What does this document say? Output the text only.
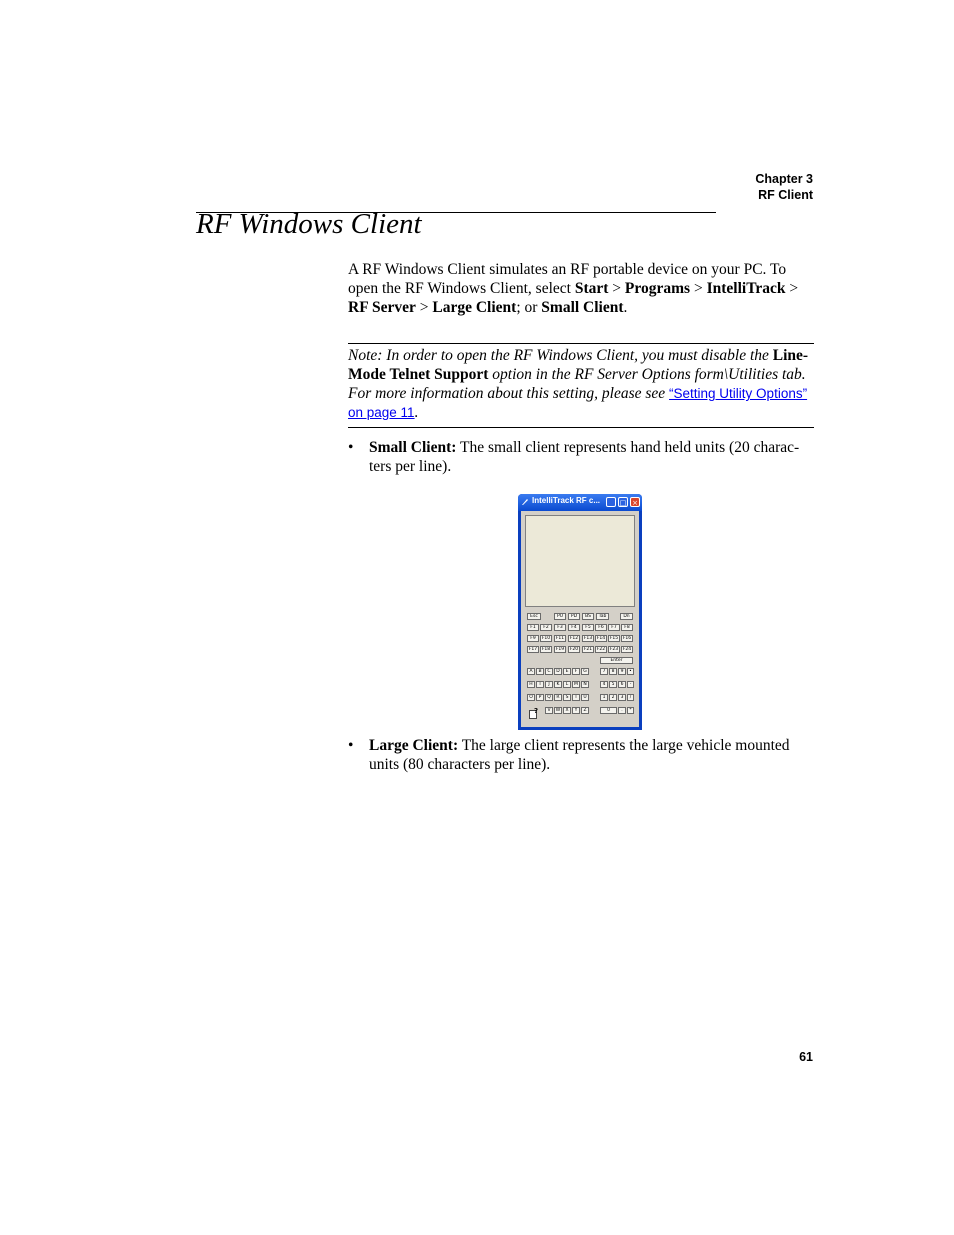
Chapter 3
RF Client
RF Windows Client
A RF Windows Client simulates an RF portable device on your PC. To open the RF Windows Client, select Start > Programs > IntelliTrack > RF Server > Large Client; or Small Client.
Note: In order to open the RF Windows Client, you must disable the Line-Mode Telnet Support option in the RF Server Options form\Utilities tab. For more information about this setting, please see “Setting Utility Options” on page 11.
• Small Client: The small client represents hand held units (20 charac-ters per line).
IntelliTrack RF c...	_ □ ×
Esc	PU	PD	BS	Tab	Dn
F1	F2	F3	F4	F5	F6	F7	F8
F9	F10	F11	F12	F13	F14	F15	F16
F17	F18	F19	F20	F21	F22	F23	F24
Enter
A	B	C	D	E	F	G	7	8	9	•
H	I	J	K	L	M	N	4	5	6	-
O	P	Q	R	S	T	U	1	2	3	/
?	V	W	X	Y	Z	0	.	*
• Large Client: The large client represents the large vehicle mounted units (80 characters per line).
61
